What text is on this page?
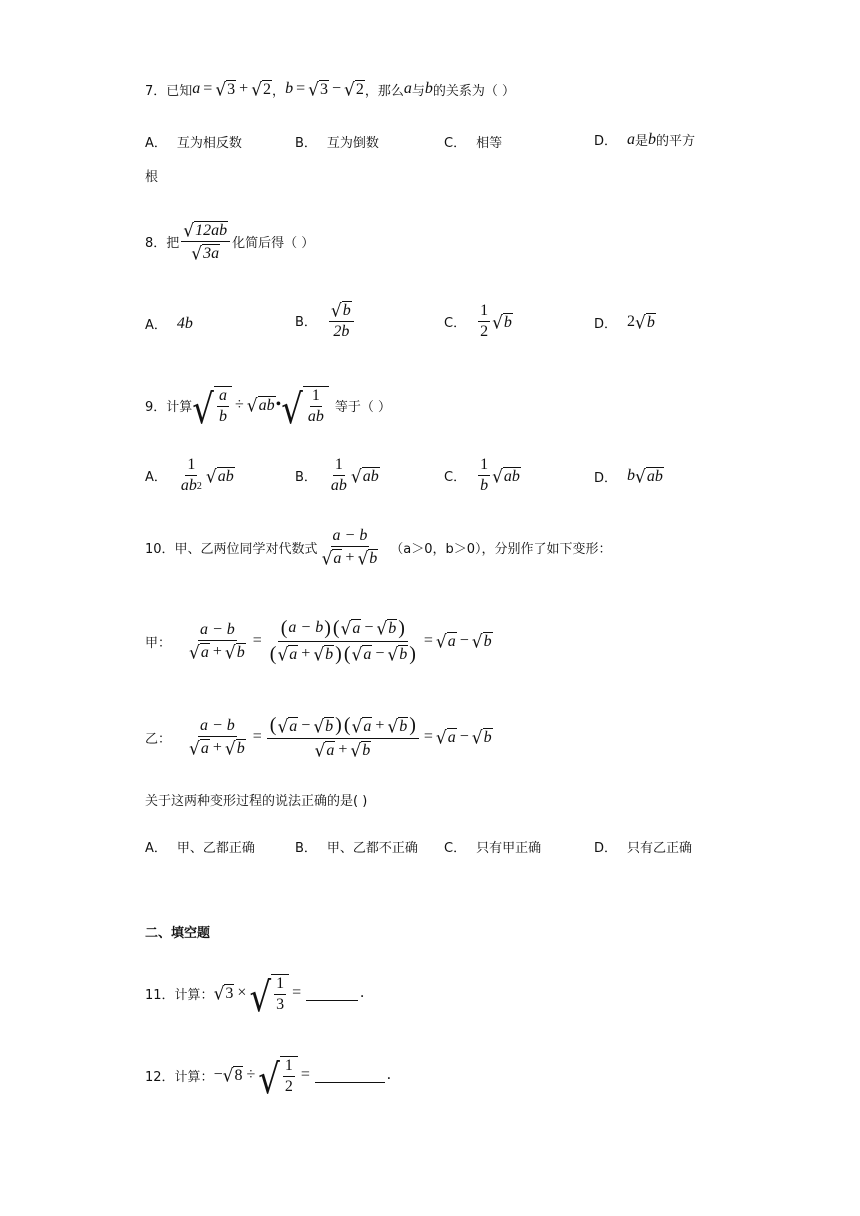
7． 已知 a = √ 3 + √ 2 ， b = √ 3 − √ 2 ，那么 a 与 b 的关系为（ ）
A． 互为相反数	B． 互为倒数	C． 相等	D． a 是 b 的平方
根
8． 把 $\frac{√ 12ab}{√ 3a}$ 化简后得（ ）
A． 4b	B． $\frac{√ b}{2b}$	C． $\frac{1}{2}$ √ b	D． 2 √ b
9． 计算 √ $\frac{a}{b}$ ÷ √ ab • √ $\frac{1}{ab}$ 等于（ ）
A． $\frac{1}{ab 2}$ √ ab	B． $\frac{1}{ab}$ √ ab	C． $\frac{1}{b}$ √ ab	D． b √ ab
10． 甲、乙两位同学对代数式 $\frac{a - b}{√ a + √ b} (a>0$，b＞0），分别作了如下变形：
甲： $\frac{a - b}{√ a + √ b}$ =
( a − b ) ( √ a − √ b )
( √ a + √ b ) ( √ a − √ b )
= √ a − √ b
乙： $\frac{a - b}{√ a + √ b}$ =
( √ a − √ b ) ( √ a + √ b )
√ a + √ b
= √ a − √ b
关于这两种变形过程的说法正确的是( )
A． 甲、乙都正确	B． 甲、乙都不正确 C． 只有甲正确	D． 只有乙正确
二、填空题
11． 计算： √ 3 × √ $\frac{1}{3}$ =	.
12． 计算： − √ 8 ÷ √ $\frac{1}{2}$ =	.
